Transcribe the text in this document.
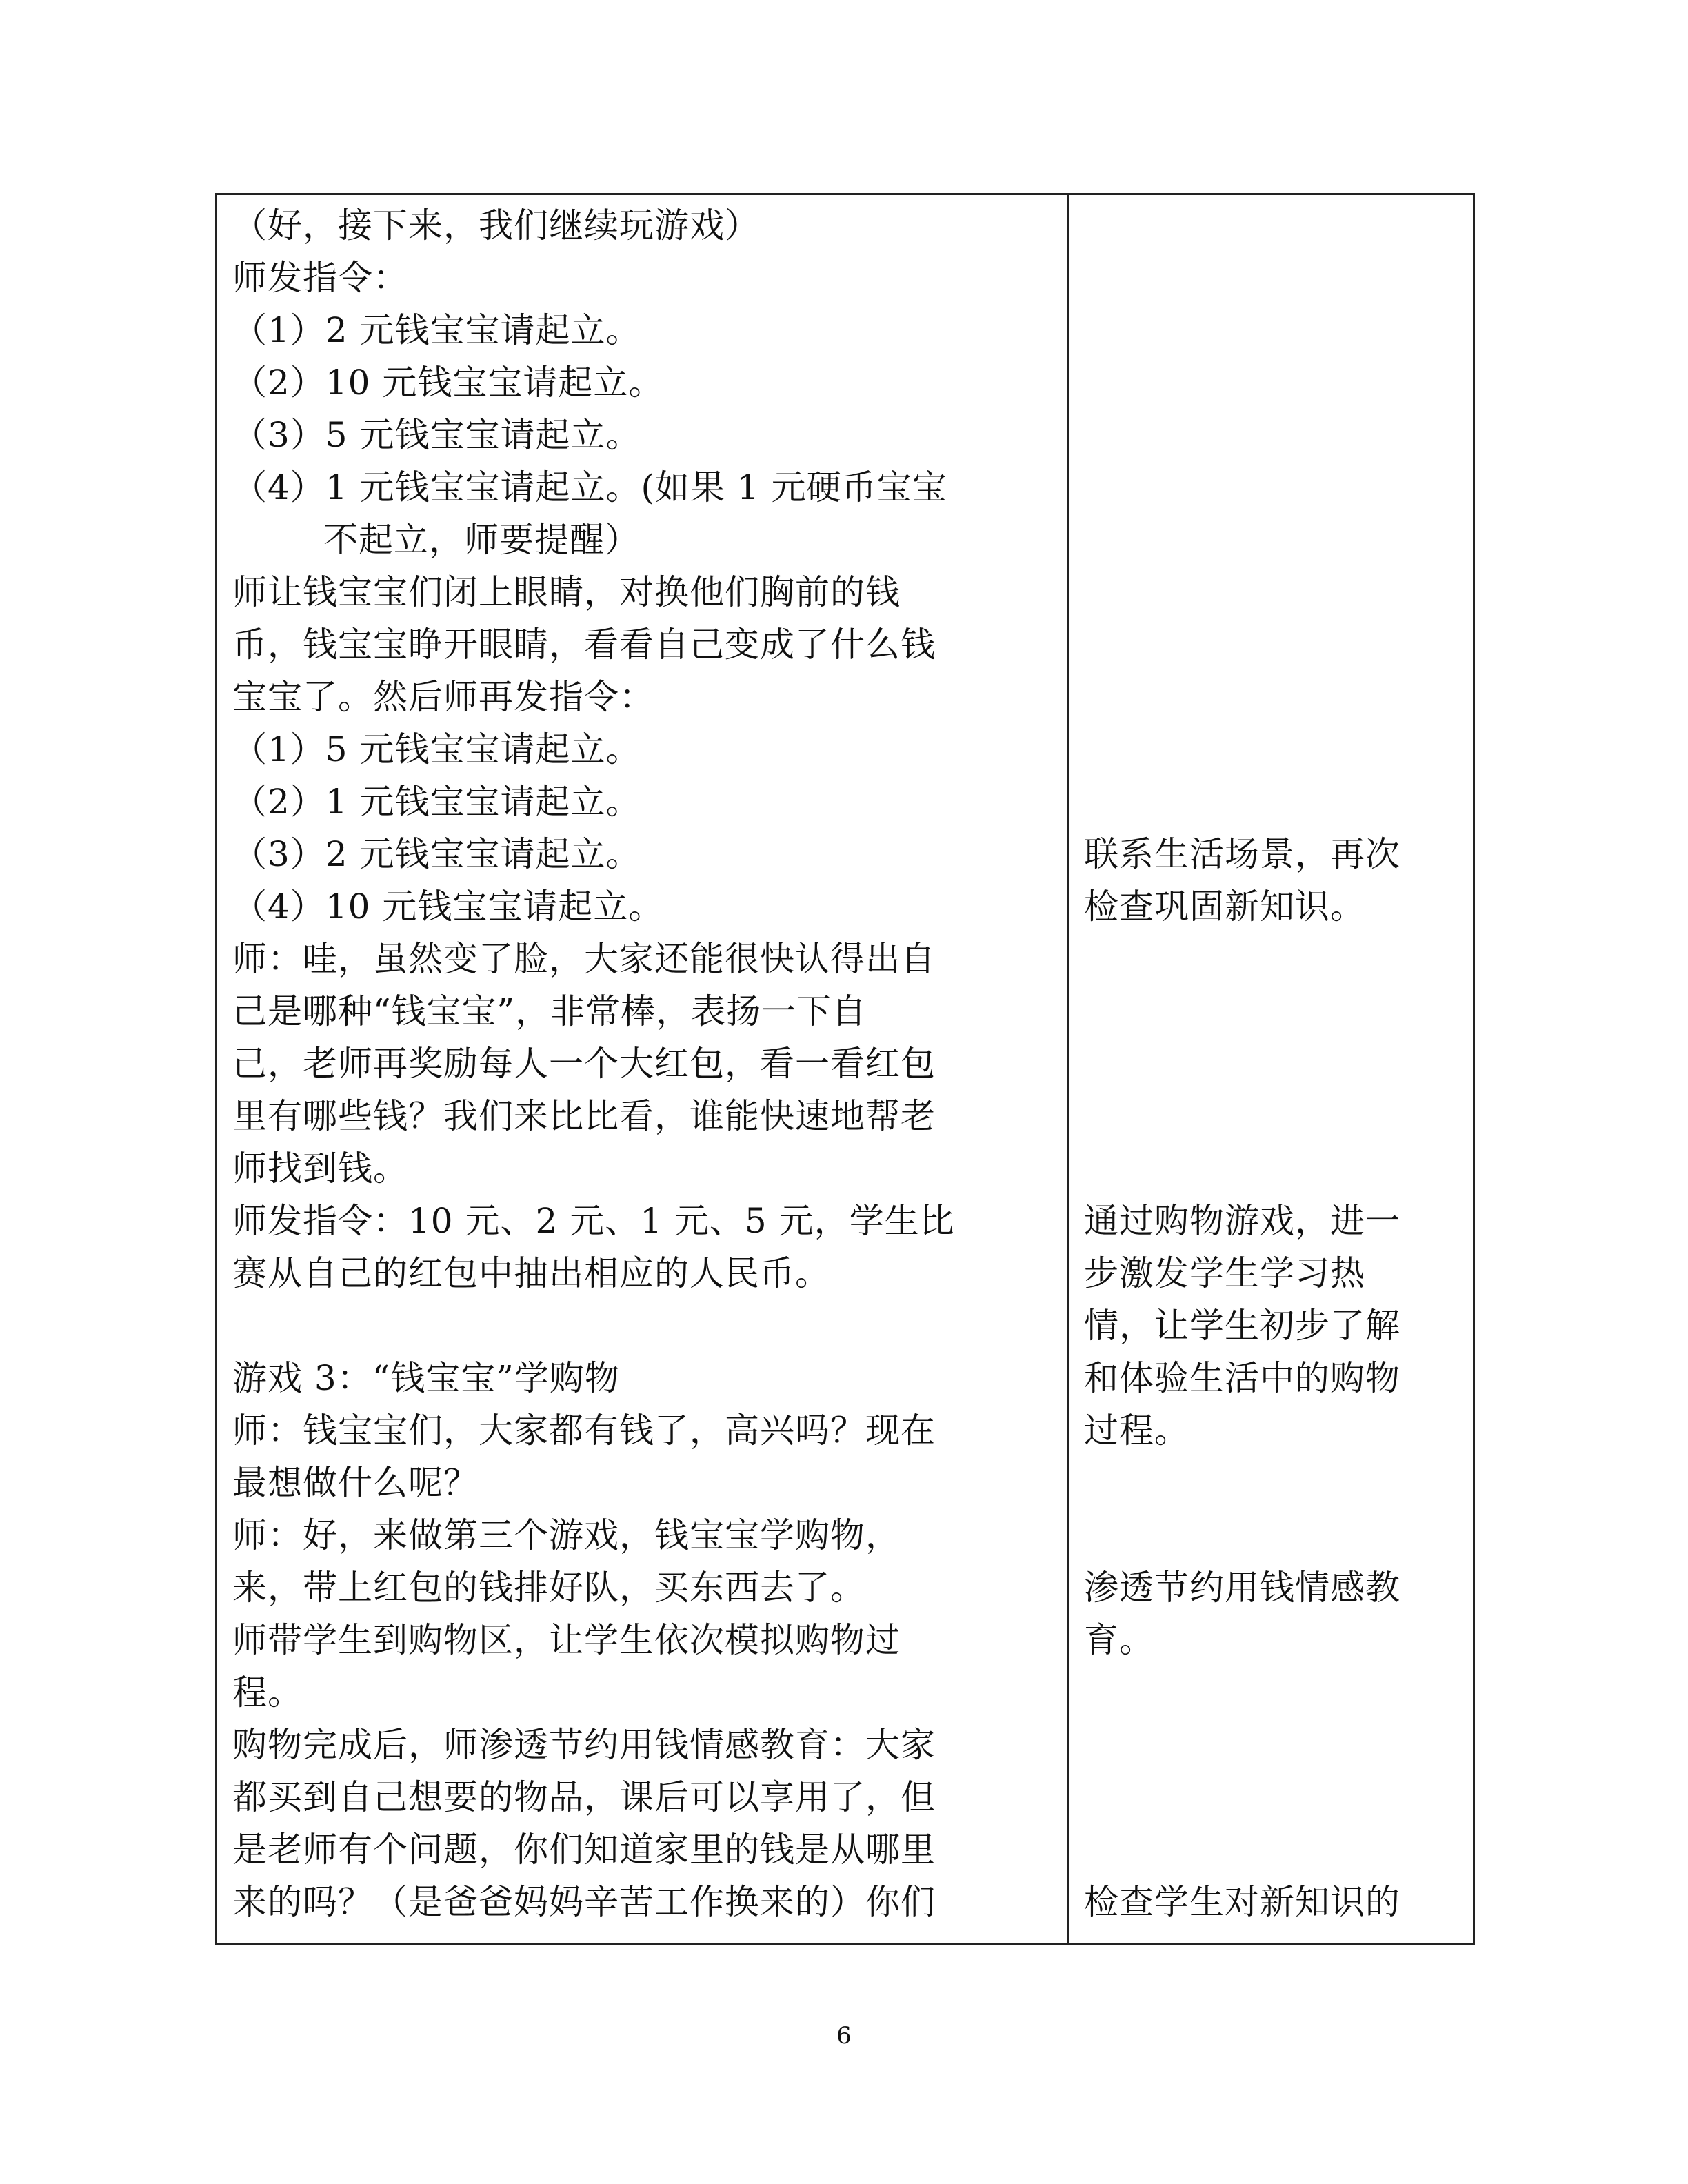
（好，接下来，我们继续玩游戏）
师发指令：
（1）2 元钱宝宝请起立。
（2）10 元钱宝宝请起立。
（3）5 元钱宝宝请起立。
（4）1 元钱宝宝请起立。(如果 1 元硬币宝宝
不起立，师要提醒）
师让钱宝宝们闭上眼睛，对换他们胸前的钱
币，钱宝宝睁开眼睛，看看自己变成了什么钱
宝宝了。然后师再发指令：
（1）5 元钱宝宝请起立。
（2）1 元钱宝宝请起立。
（3）2 元钱宝宝请起立。
（4）10 元钱宝宝请起立。
师：哇，虽然变了脸，大家还能很快认得出自
己是哪种“钱宝宝”，非常棒，表扬一下自
己，老师再奖励每人一个大红包，看一看红包
里有哪些钱？我们来比比看，谁能快速地帮老
师找到钱。
师发指令：10 元、2 元、1 元、5 元，学生比
赛从自己的红包中抽出相应的人民币。
游戏 3：“钱宝宝”学购物
师：钱宝宝们，大家都有钱了，高兴吗？现在
最想做什么呢？
师：好，来做第三个游戏，钱宝宝学购物，
来，带上红包的钱排好队，买东西去了。
师带学生到购物区，让学生依次模拟购物过
程。
购物完成后，师渗透节约用钱情感教育：大家
都买到自己想要的物品，课后可以享用了，但
是老师有个问题，你们知道家里的钱是从哪里
来的吗？（是爸爸妈妈辛苦工作换来的）你们
联系生活场景，再次
检查巩固新知识。
通过购物游戏，进一
步激发学生学习热
情，让学生初步了解
和体验生活中的购物
过程。
渗透节约用钱情感教
育。
检查学生对新知识的
6
